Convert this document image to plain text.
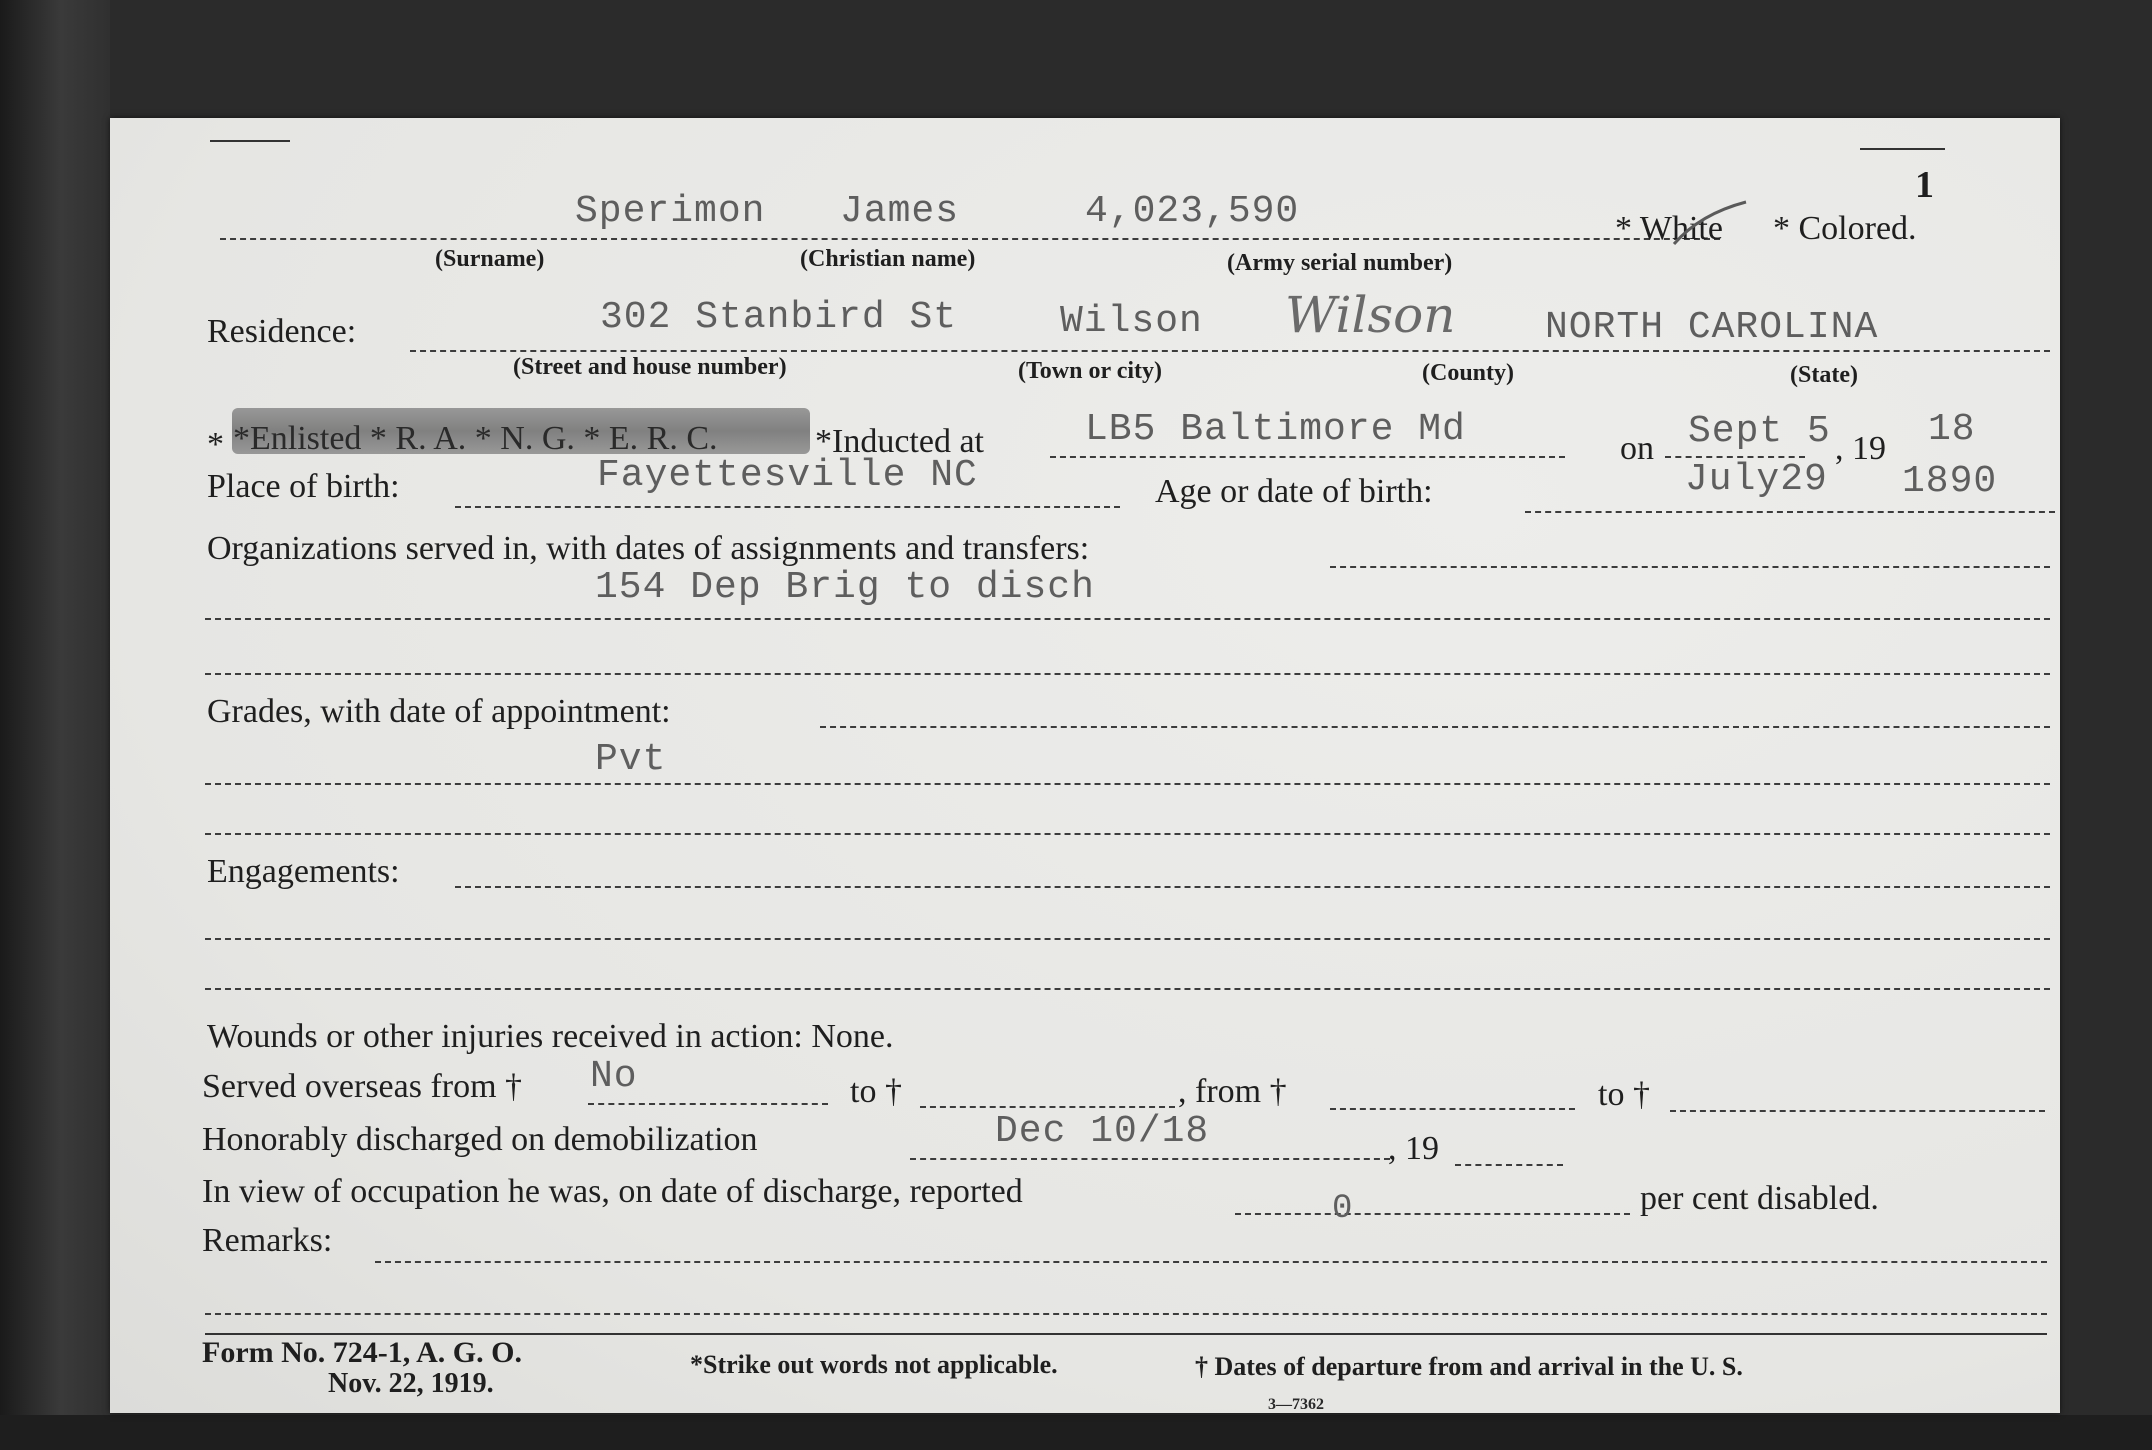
1
Sperimon James	4,023,590	* White * Colored.
(Surname)	(Christian name)	(Army serial number)
Residence:	302 Stanbird St	Wilson Wilson NORTH CAROLINA
(Street and house number)	(Town or city)	(County)	(State)
* *Enlisted * R. A. * N. G. * E. R. C.	*Inducted at	LB5 Baltimore Md	on Sept 5 , 19 18
Place of birth:	Fayettesville NC	Age or date of birth:	July29 1890
Organizations served in, with dates of assignments and transfers:
154 Dep Brig to disch
Grades, with date of appointment:
Pvt
Engagements:
Wounds or other injuries received in action: None.
Served overseas from † No	to †	, from †	to †
Honorably discharged on demobilization	Dec 10/18	, 19
In view of occupation he was, on date of discharge, reported	0	per cent disabled.
Remarks:
Form No. 724-1, A. G. O.
Nov. 22, 1919.
*Strike out words not applicable.	† Dates of departure from and arrival in the U. S.
3—7362
